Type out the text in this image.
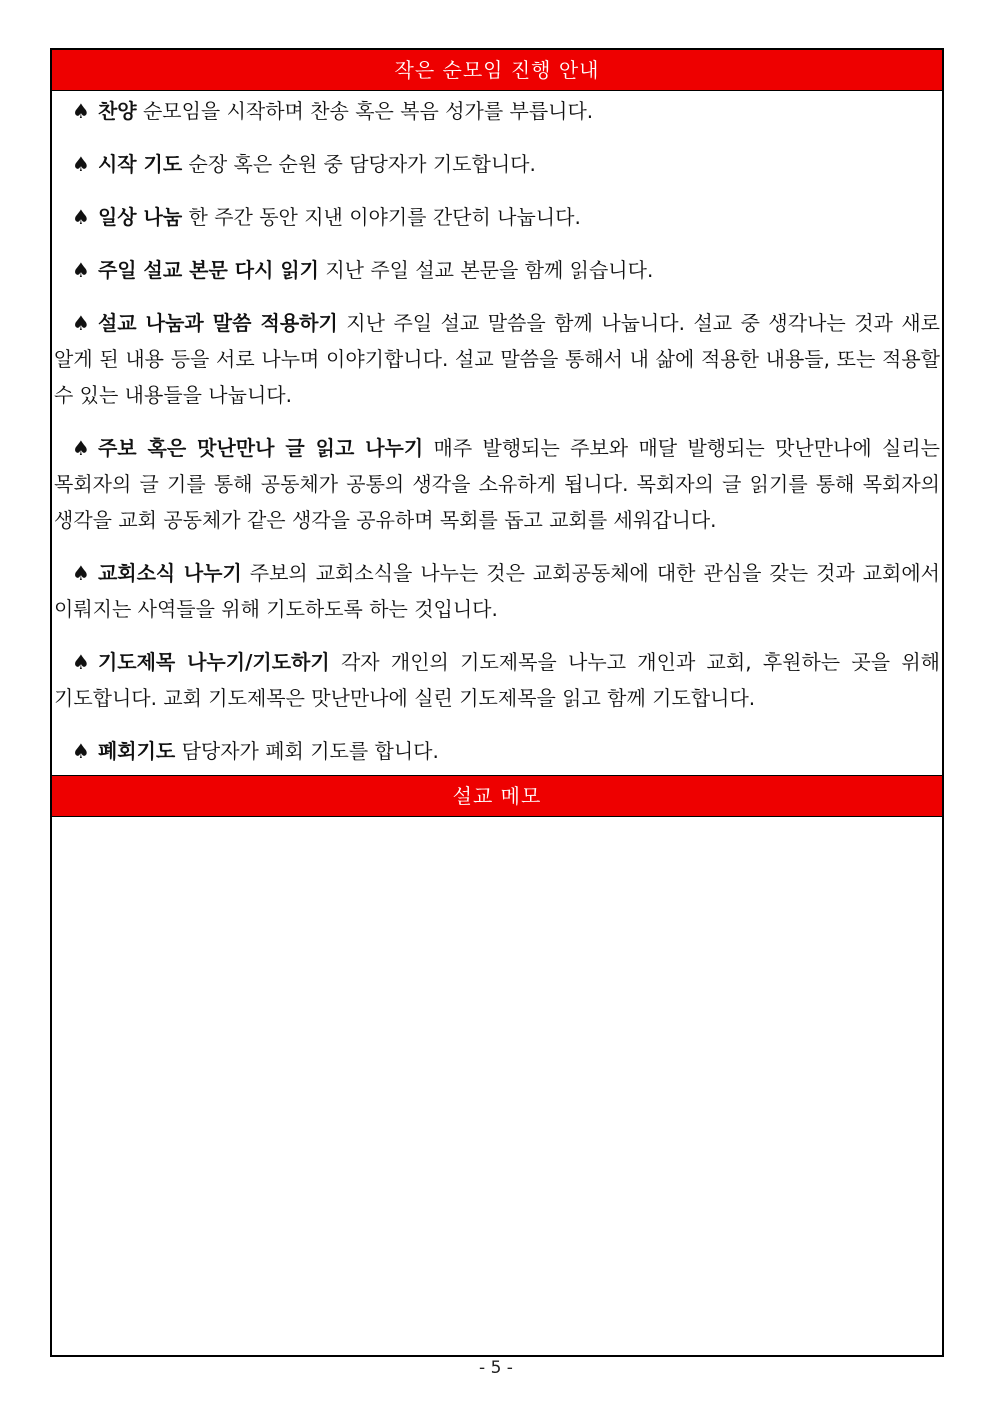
작은 순모임 진행 안내
♠ 찬양 순모임을 시작하며 찬송 혹은 복음 성가를 부릅니다.
♠ 시작 기도 순장 혹은 순원 중 담당자가 기도합니다.
♠ 일상 나눔 한 주간 동안 지낸 이야기를 간단히 나눕니다.
♠ 주일 설교 본문 다시 읽기 지난 주일 설교 본문을 함께 읽습니다.
♠ 설교 나눔과 말씀 적용하기 지난 주일 설교 말씀을 함께 나눕니다. 설교 중 생각나는 것과 새로 알게 된 내용 등을 서로 나누며 이야기합니다. 설교 말씀을 통해서 내 삶에 적용한 내용들, 또는 적용할 수 있는 내용들을 나눕니다.
♠ 주보 혹은 맛난만나 글 읽고 나누기 매주 발행되는 주보와 매달 발행되는 맛난만나에 실리는 목회자의 글 기를 통해 공동체가 공통의 생각을 소유하게 됩니다. 목회자의 글 읽기를 통해 목회자의 생각을 교회 공동체가 같은 생각을 공유하며 목회를 돕고 교회를 세워갑니다.
♠ 교회소식 나누기 주보의 교회소식을 나누는 것은 교회공동체에 대한 관심을 갖는 것과 교회에서 이뤄지는 사역들을 위해 기도하도록 하는 것입니다.
♠ 기도제목 나누기/기도하기 각자 개인의 기도제목을 나누고 개인과 교회, 후원하는 곳을 위해 기도합니다. 교회 기도제목은 맛난만나에 실린 기도제목을 읽고 함께 기도합니다.
♠ 폐회기도 담당자가 폐회 기도를 합니다.
설교 메모
- 5 -
